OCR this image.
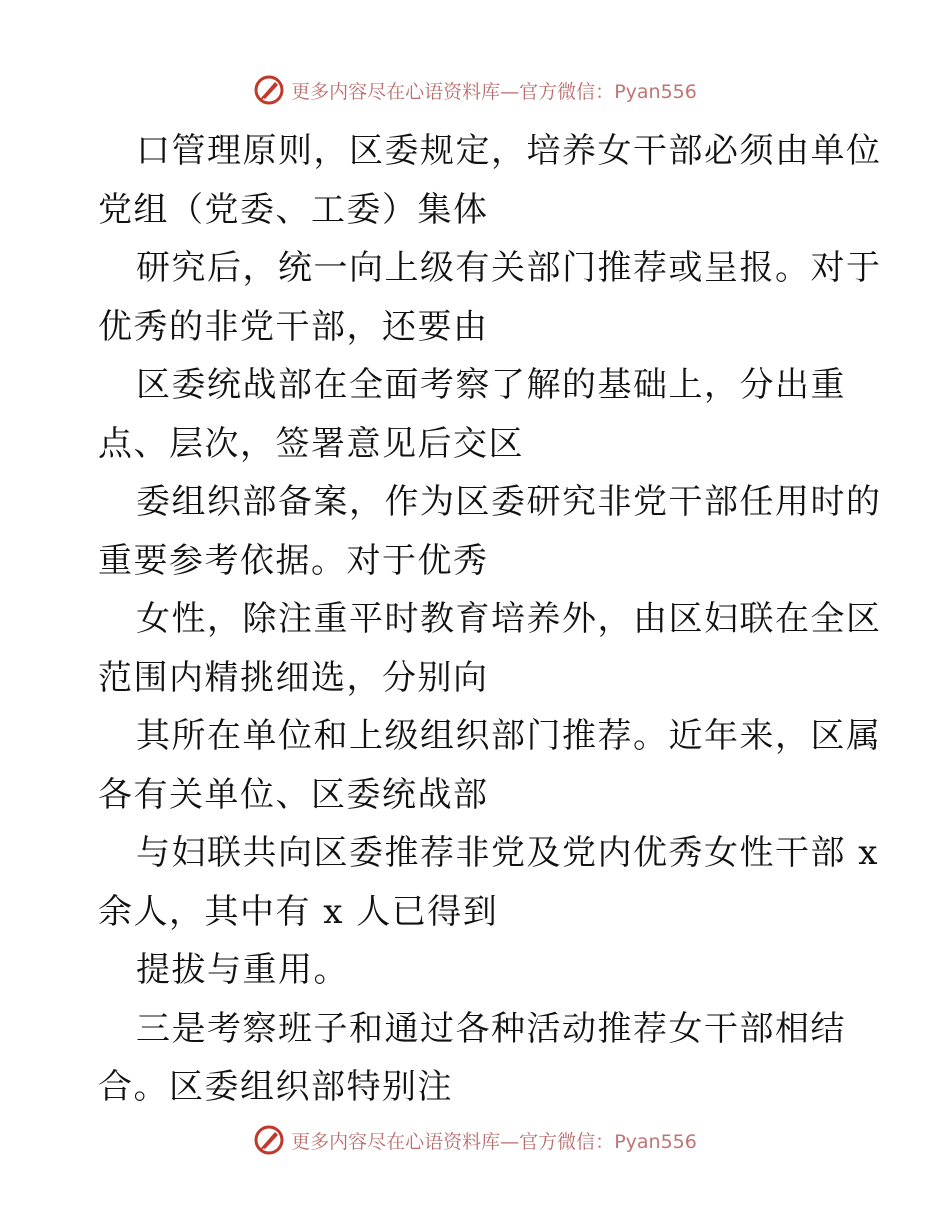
更多内容尽在心语资料库—官方微信：Pyan556
口管理原则，区委规定，培养女干部必须由单位
党组（党委、工委）集体
研究后，统一向上级有关部门推荐或呈报。对于
优秀的非党干部，还要由
区委统战部在全面考察了解的基础上，分出重
点、层次，签署意见后交区
委组织部备案，作为区委研究非党干部任用时的
重要参考依据。对于优秀
女性，除注重平时教育培养外，由区妇联在全区
范围内精挑细选，分别向
其所在单位和上级组织部门推荐。近年来，区属
各有关单位、区委统战部
与妇联共向区委推荐非党及党内优秀女性干部 x
余人，其中有 x 人已得到
提拔与重用。
三是考察班子和通过各种活动推荐女干部相结
合。区委组织部特别注
更多内容尽在心语资料库—官方微信：Pyan556
